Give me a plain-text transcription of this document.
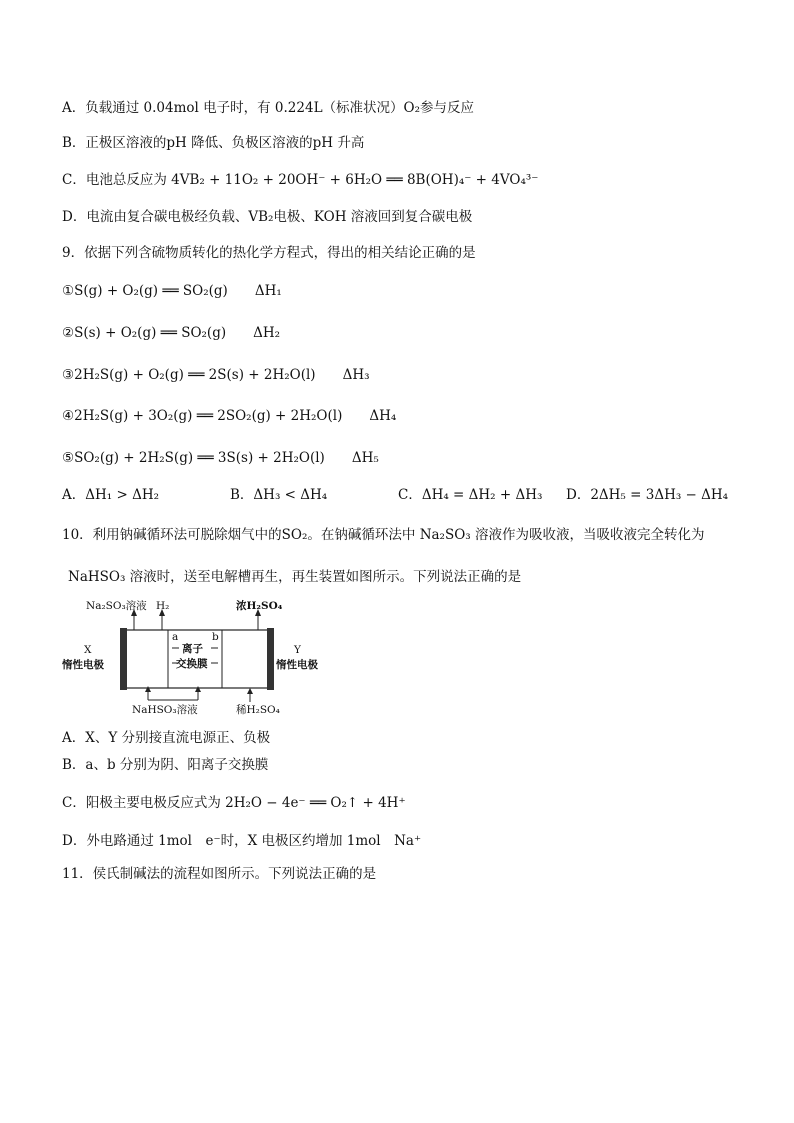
A．负载通过 0.04mol 电子时，有 0.224L（标准状况）O₂参与反应
B．正极区溶液的pH 降低、负极区溶液的pH 升高
C．电池总反应为 4VB₂ + 11O₂ + 20OH⁻ + 6H₂O ══ 8B(OH)₄⁻ + 4VO₄³⁻
D．电流由复合碳电极经负载、VB₂电极、KOH 溶液回到复合碳电极
9．依据下列含硫物质转化的热化学方程式，得出的相关结论正确的是
①S(g) + O₂(g) ══ SO₂(g)　　ΔH₁
②S(s) + O₂(g) ══ SO₂(g)　　ΔH₂
③2H₂S(g) + O₂(g) ══ 2S(s) + 2H₂O(l)　　ΔH₃
④2H₂S(g) + 3O₂(g) ══ 2SO₂(g) + 2H₂O(l)　　ΔH₄
⑤SO₂(g) + 2H₂S(g) ══ 3S(s) + 2H₂O(l)　　ΔH₅
A．ΔH₁ > ΔH₂	B．ΔH₃ < ΔH₄	C．ΔH₄ = ΔH₂ + ΔH₃ D．2ΔH₅ = 3ΔH₃ − ΔH₄
10．利用钠碱循环法可脱除烟气中的SO₂。在钠碱循环法中 Na₂SO₃ 溶液作为吸收液，当吸收液完全转化为
NaHSO₃ 溶液时，送至电解槽再生，再生装置如图所示。下列说法正确的是
Na₂SO₃溶液 H₂	浓H₂SO₄
a	b
离子
交换膜
X
惰性电极
Y
惰性电极
NaHSO₃溶液	稀H₂SO₄
A．X、Y 分别接直流电源正、负极
B．a、b 分别为阴、阳离子交换膜
C．阳极主要电极反应式为 2H₂O − 4e⁻ ══ O₂↑ + 4H⁺
D．外电路通过 1mol　e⁻时，X 电极区约增加 1mol　Na⁺
11．侯氏制碱法的流程如图所示。下列说法正确的是
